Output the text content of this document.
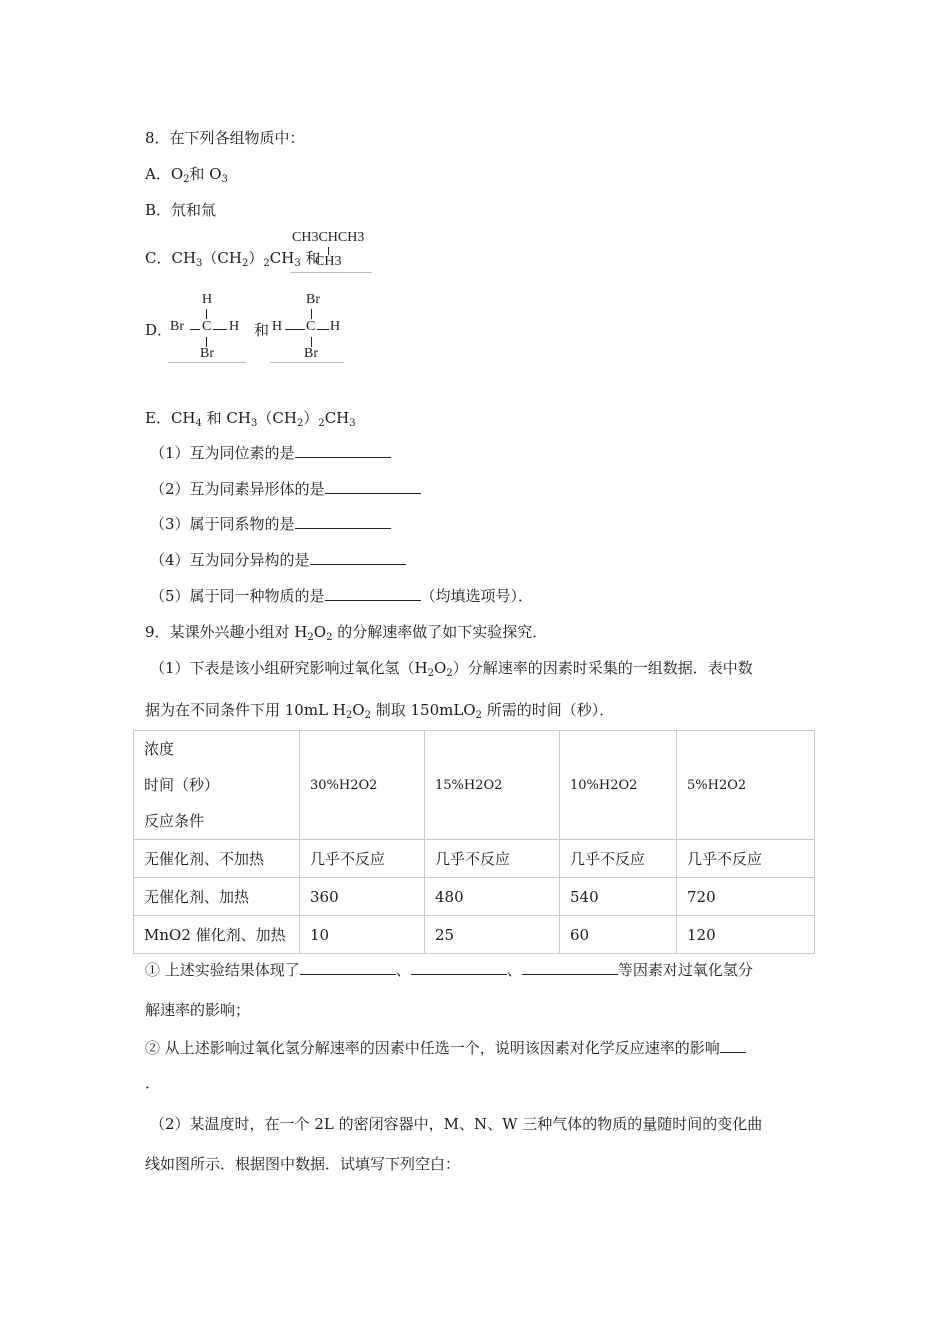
8．在下列各组物质中：
A．$O_2$和 $O_3$
B．氘和氚
C．$CH_3(CH_2)_2CH_3$ 和
CH3CHCH3
CH3
D．
H
Br C H
Br
和
Br
H C H
Br
E．$CH_4$ 和 $CH_3(CH_2)_2CH_3$
（1）互为同位素的是
（2）互为同素异形体的是
（3）属于同系物的是
（4）互为同分异构的是
（5）属于同一种物质的是	（均填选项号）．
9．某课外兴趣小组对 $H_2O_2$ 的分解速率做了如下实验探究．
（1）下表是该小组研究影响过氧化氢$(H_2O_2)$分解速率的因素时采集的一组数据．表中数
据为在不同条件下用 10mL $H_2O_2$ 制取 150mLO$_2$ 所需的时间（秒）．
浓度
时间（秒）
反应条件	30%H2O2	15%H2O2	10%H2O2	5%H2O2
无催化剂、不加热	几乎不反应	几乎不反应	几乎不反应	几乎不反应
无催化剂、加热	360	480	540	720
MnO2 催化剂、加热	10	25	60	120
① 上述实验结果体现了	、	、	等因素对过氧化氢分
解速率的影响；
② 从上述影响过氧化氢分解速率的因素中任选一个，说明该因素对化学反应速率的影响
．
（2）某温度时，在一个 2L 的密闭容器中，M、N、W 三种气体的物质的量随时间的变化曲
线如图所示．根据图中数据．试填写下列空白：
